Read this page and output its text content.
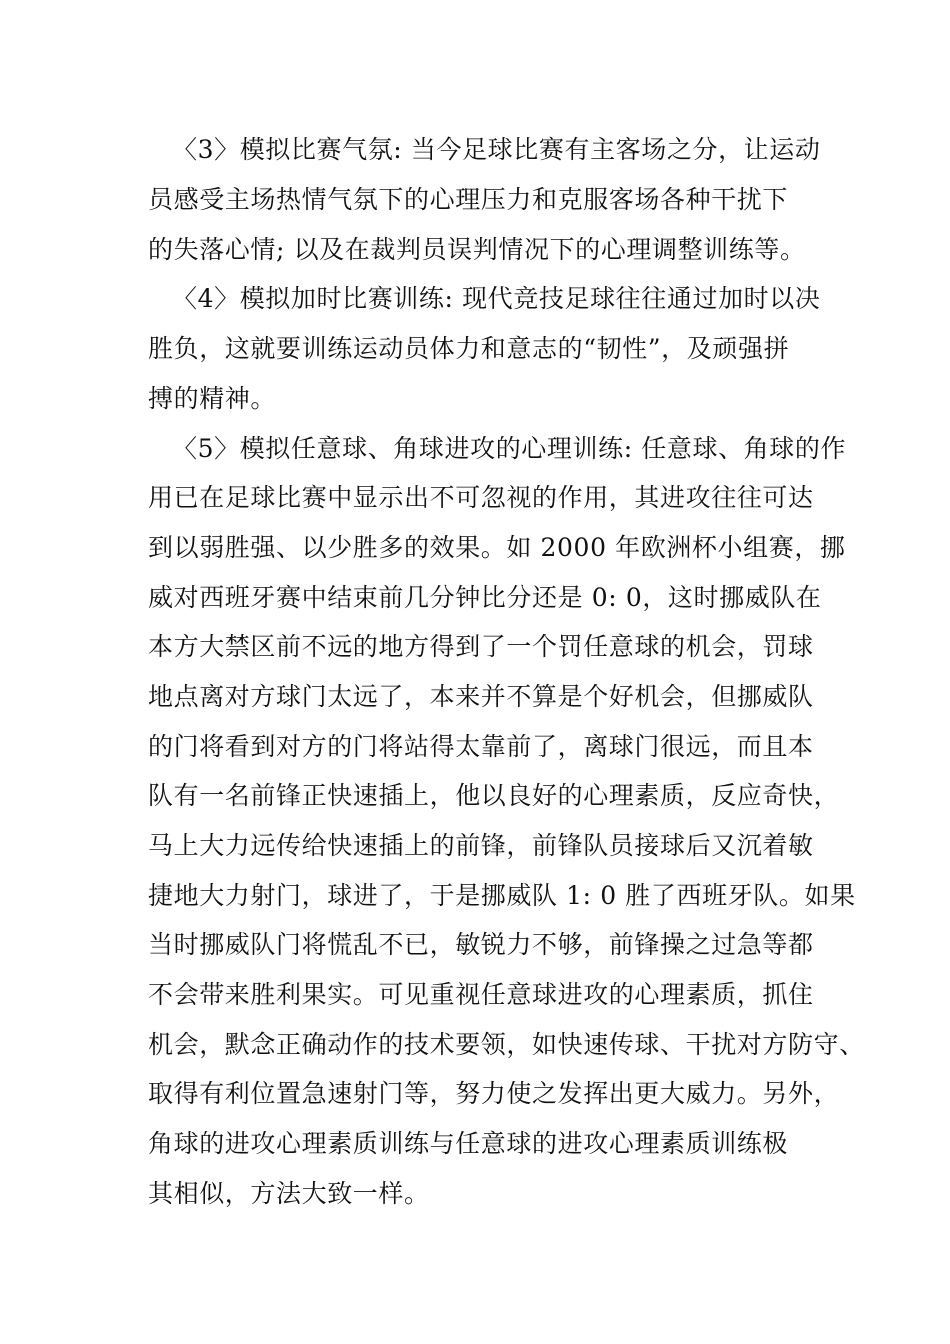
〈3〉模拟比赛气氛: 当今足球比赛有主客场之分，让运动
员感受主场热情气氛下的心理压力和克服客场各种干扰下
的失落心情; 以及在裁判员误判情况下的心理调整训练等。
〈4〉模拟加时比赛训练: 现代竞技足球往往通过加时以决
胜负，这就要训练运动员体力和意志的“韧性”，及顽强拼
搏的精神。
〈5〉模拟任意球、角球进攻的心理训练: 任意球、角球的作
用已在足球比赛中显示出不可忽视的作用，其进攻往往可达
到以弱胜强、以少胜多的效果。如 2000 年欧洲杯小组赛，挪
威对西班牙赛中结束前几分钟比分还是 0: 0，这时挪威队在
本方大禁区前不远的地方得到了一个罚任意球的机会，罚球
地点离对方球门太远了，本来并不算是个好机会，但挪威队
的门将看到对方的门将站得太靠前了，离球门很远，而且本
队有一名前锋正快速插上，他以良好的心理素质，反应奇快，
马上大力远传给快速插上的前锋，前锋队员接球后又沉着敏
捷地大力射门，球进了，于是挪威队 1: 0 胜了西班牙队。如果
当时挪威队门将慌乱不已，敏锐力不够，前锋操之过急等都
不会带来胜利果实。可见重视任意球进攻的心理素质，抓住
机会，默念正确动作的技术要领，如快速传球、干扰对方防守、
取得有利位置急速射门等，努力使之发挥出更大威力。另外，
角球的进攻心理素质训练与任意球的进攻心理素质训练极
其相似，方法大致一样。
